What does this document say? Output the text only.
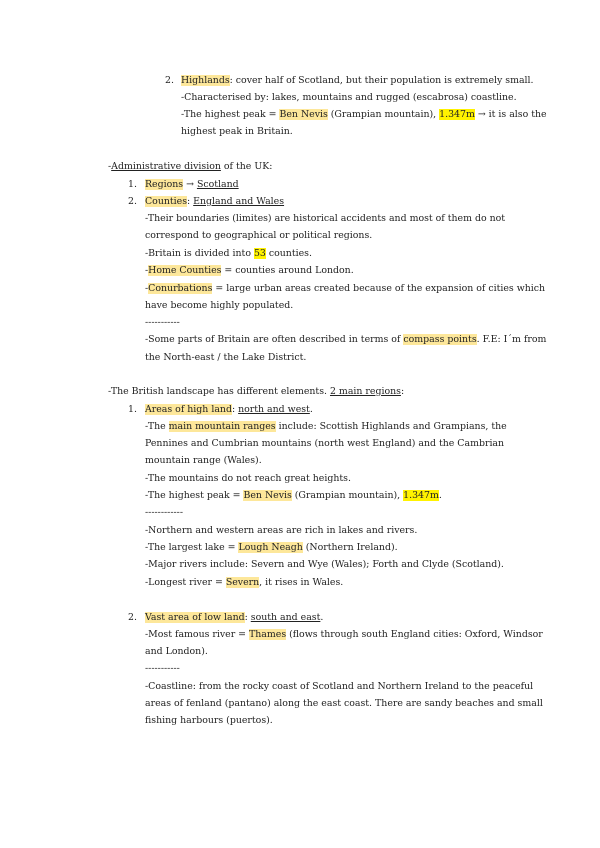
2. Highlands: cover half of Scotland, but their population is extremely small.
-Characterised by: lakes, mountains and rugged (escabrosa) coastline.
-The highest peak = Ben Nevis (Grampian mountain), 1.347m → it is also the
highest peak in Britain.
-Administrative division of the UK:
1. Regions → Scotland
2. Counties: England and Wales
-Their boundaries (limites) are historical accidents and most of them do not
correspond to geographical or political regions.
-Britain is divided into 53 counties.
-Home Counties = counties around London.
-Conurbations = large urban areas created because of the expansion of cities which
have become highly populated.
-----------
-Some parts of Britain are often described in terms of compass points. F.E: I´m from
the North-east / the Lake District.
-The British landscape has different elements. 2 main regions:
1. Areas of high land: north and west.
-The main mountain ranges include: Scottish Highlands and Grampians, the
Pennines and Cumbrian mountains (north west England) and the Cambrian
mountain range (Wales).
-The mountains do not reach great heights.
-The highest peak = Ben Nevis (Grampian mountain), 1.347m.
------------
-Northern and western areas are rich in lakes and rivers.
-The largest lake = Lough Neagh (Northern Ireland).
-Major rivers include: Severn and Wye (Wales); Forth and Clyde (Scotland).
-Longest river = Severn, it rises in Wales.
2. Vast area of low land: south and east.
-Most famous river = Thames (flows through south England cities: Oxford, Windsor
and London).
-----------
-Coastline: from the rocky coast of Scotland and Northern Ireland to the peaceful
areas of fenland (pantano) along the east coast. There are sandy beaches and small
fishing harbours (puertos).
